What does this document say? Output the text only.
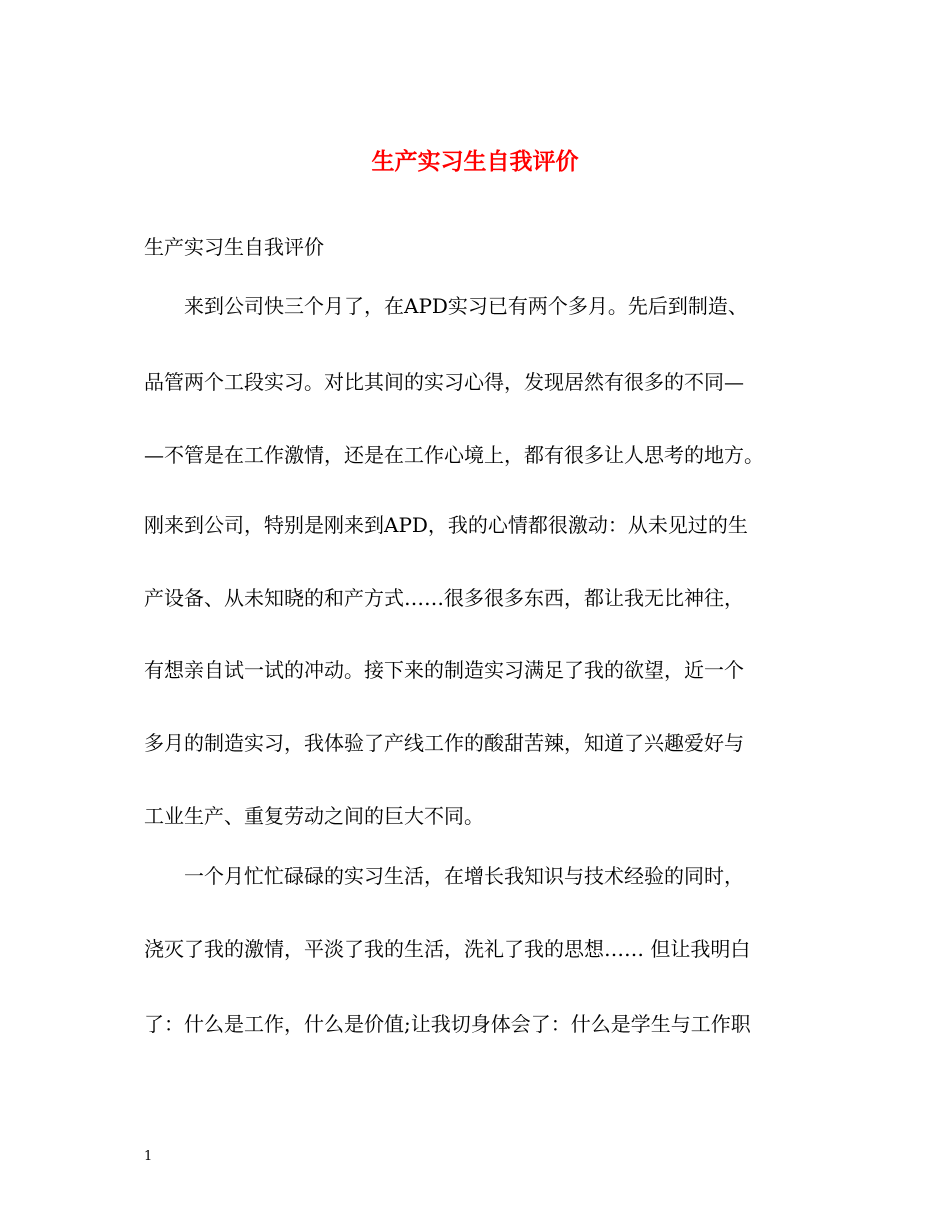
生产实习生自我评价
生产实习生自我评价
　　来到公司快三个月了，在APD实习已有两个多月。先后到制造、
品管两个工段实习。对比其间的实习心得，发现居然有很多的不同—
—不管是在工作激情，还是在工作心境上，都有很多让人思考的地方。
刚来到公司，特别是刚来到APD，我的心情都很激动：从未见过的生
产设备、从未知晓的和产方式……很多很多东西，都让我无比神往，
有想亲自试一试的冲动。接下来的制造实习满足了我的欲望，近一个
多月的制造实习，我体验了产线工作的酸甜苦辣，知道了兴趣爱好与
工业生产、重复劳动之间的巨大不同。
　　一个月忙忙碌碌的实习生活，在增长我知识与技术经验的同时，
浇灭了我的激情，平淡了我的生活，洗礼了我的思想…… 但让我明白
了：什么是工作，什么是价值;让我切身体会了：什么是学生与工作职
1
